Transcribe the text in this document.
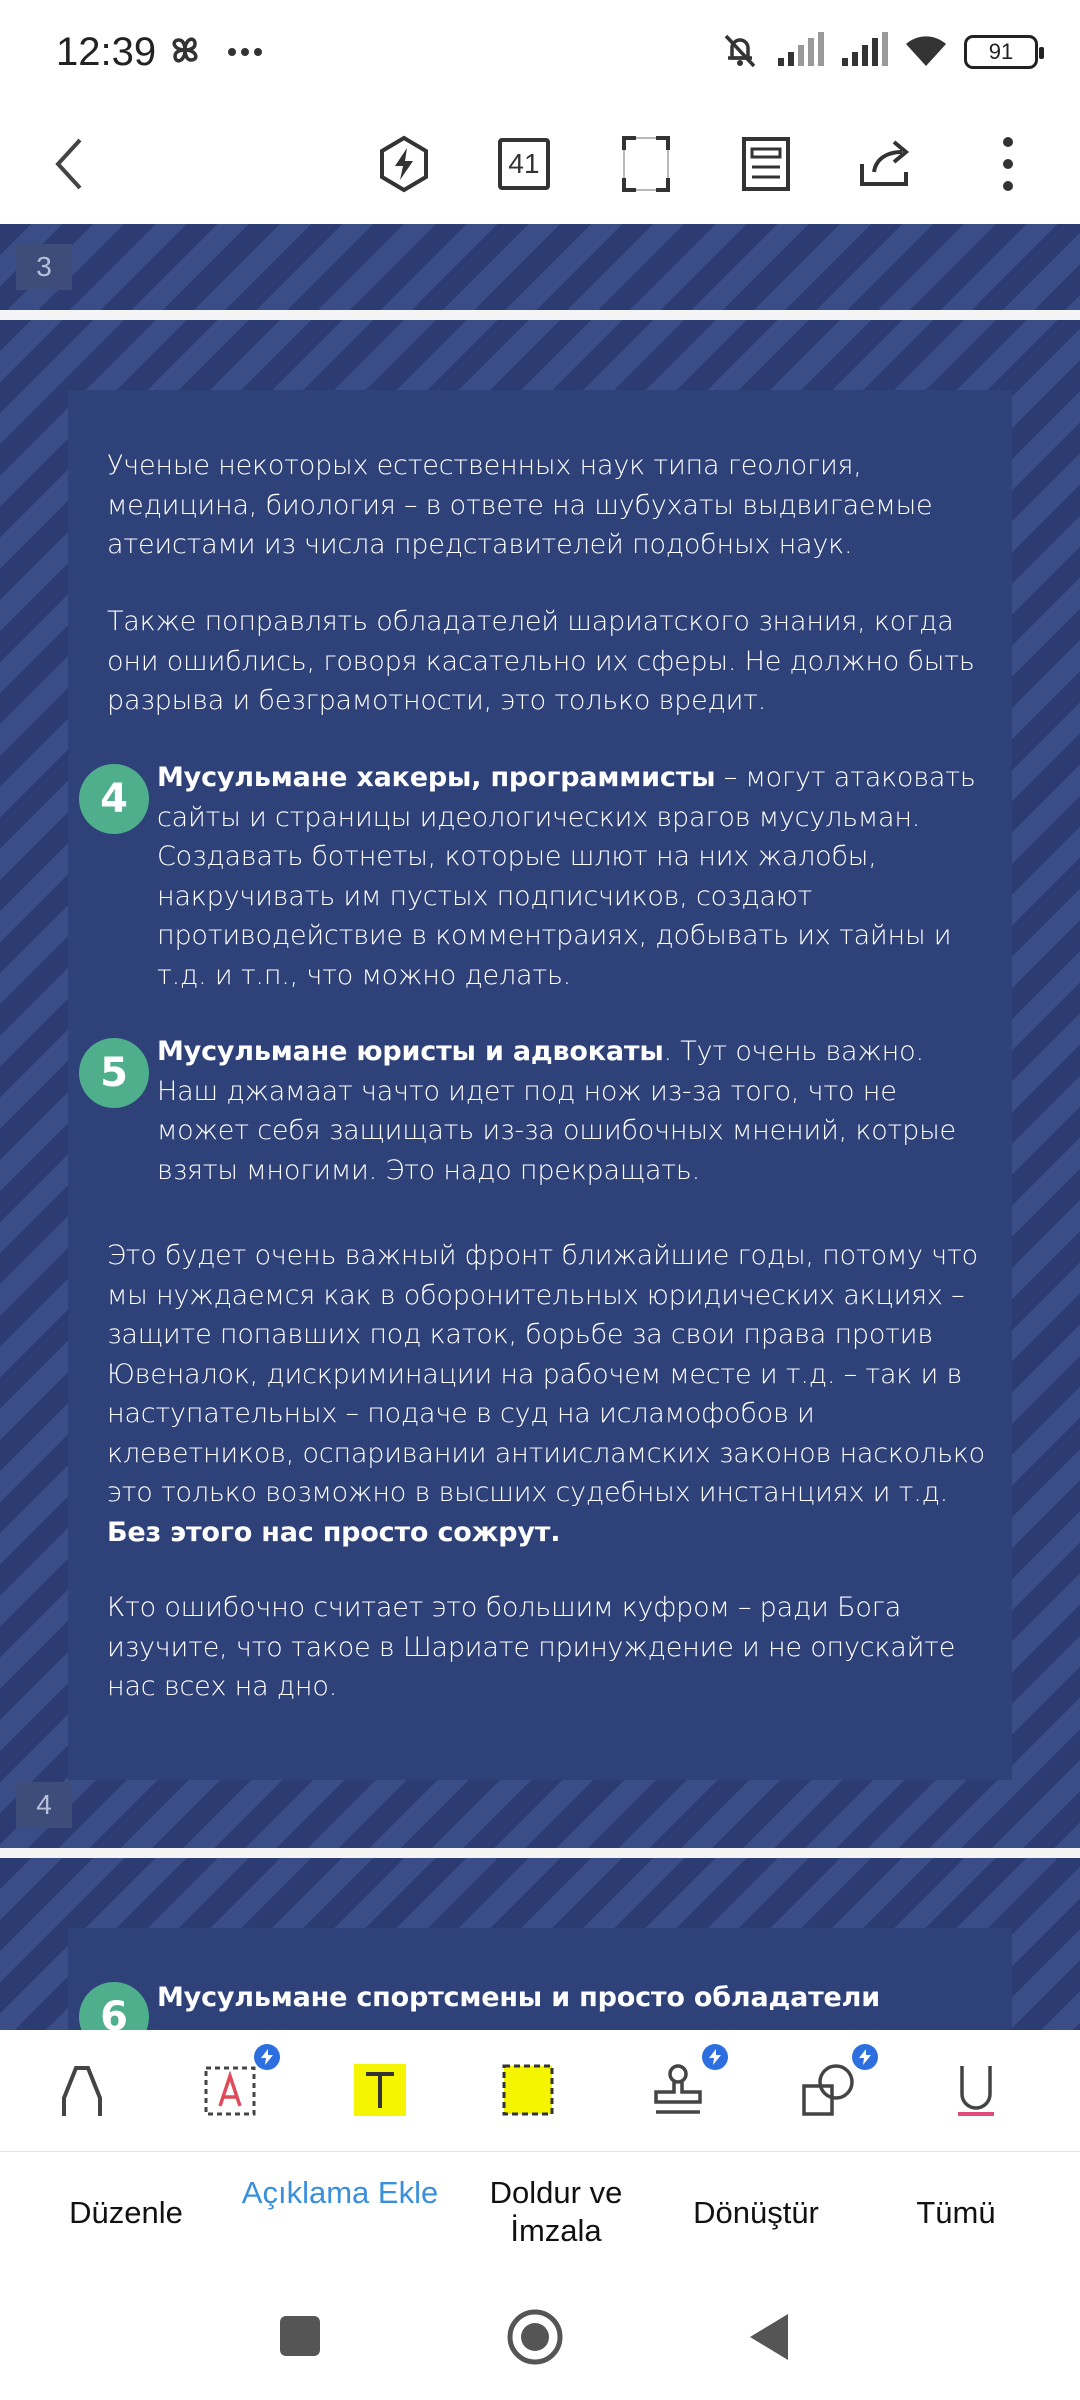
12:39	91
41
3
Ученые некоторых естественных наук типа геология, медицина, биология – в ответе на шубухаты выдвигаемые атеистами из числа представителей подобных наук.
Также поправлять обладателей шариатского знания, когда они ошиблись, говоря касательно их сферы. Не должно быть разрыва и безграмотности, это только вредит.
4	Мусульмане хакеры, программисты – могут атаковать сайты и страницы идеологических врагов мусульман. Создавать ботнеты, которые шлют на них жалобы, накручивать им пустых подписчиков, создают противодействие в комментраиях, добывать их тайны и т.д. и т.п., что можно делать.
5	Мусульмане юристы и адвокаты. Тут очень важно. Наш джамаат чачто идет под нож из-за того, что не может себя защищать из-за ошибочных мнений, котрые взяты многими. Это надо прекращать.
Это будет очень важный фронт ближайшие годы, потому что мы нуждаемся как в оборонительных юридических акциях – защите попавших под каток, борьбе за свои права против Ювеналок, дискриминации на рабочем месте и т.д. – так и в наступательных – подаче в суд на исламофобов и клеветников, оспаривании антиисламских законов насколько это только возможно в высших судебных инстанциях и т.д. Без этого нас просто сожрут.
Кто ошибочно считает это большим куфром – ради Бога изучите, что такое в Шариате принуждение и не опускайте нас всех на дно.
4
6	Мусульмане спортсмены и просто обладатели
Düzenle
Açıklama Ekle	Doldur ve İmzala
Dönüştür	Tümü
